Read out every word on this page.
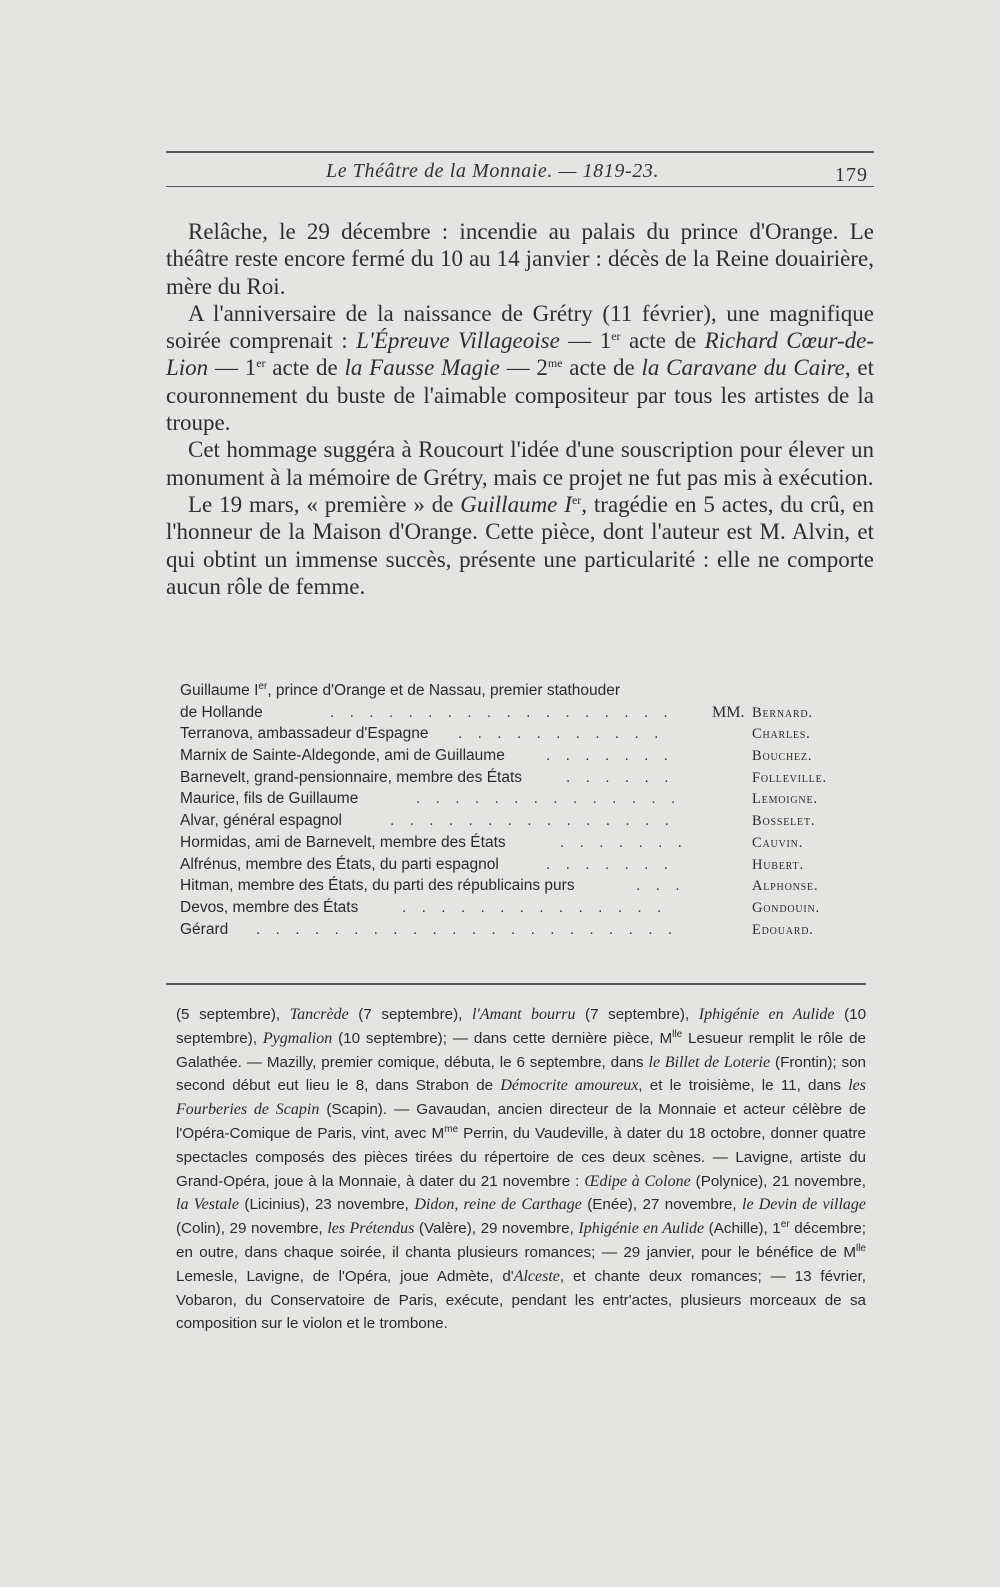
Le Théâtre de la Monnaie. — 1819-23.	179

Relâche, le 29 décembre : incendie au palais du prince d'Orange. Le théâtre reste encore fermé du 10 au 14 janvier : décès de la Reine douairière, mère du Roi.

A l'anniversaire de la naissance de Grétry (11 février), une magnifique soirée comprenait : L'Épreuve Villageoise — 1er acte de Richard Cœur-de-Lion — 1er acte de la Fausse Magie — $2^{me}$ acte de la Caravane du Caire, et couronnement du buste de l'aimable compositeur par tous les artistes de la troupe.

Cet hommage suggéra à Roucourt l'idée d'une souscription pour élever un monument à la mémoire de Grétry, mais ce projet ne fut pas mis à exécution.

Le 19 mars, « première » de Guillaume Ier, tragédie en 5 actes, du crû, en l'honneur de la Maison d'Orange. Cette pièce, dont l'auteur est M. Alvin, et qui obtint un immense succès, présente une particularité : elle ne comporte aucun rôle de femme.

Guillaume Ier, prince d'Orange et de Nassau, premier stathouder
de Hollande	. . . . . . . . . . . . . . . . . . MM. Bernard.
Terranova, ambassadeur d'Espagne . . . . . . . . . . .	Charles.
Marnix de Sainte-Aldegonde, ami de Guillaume	. . . . . . .	Bouchez.
Barnevelt, grand-pensionnaire, membre des États	. . . . . .	Folleville.
Maurice, fils de Guillaume	. . . . . . . . . . . . . .	Lemoigne.
Alvar, général espagnol	. . . . . . . . . . . . . . .	Bosselet.
Hormidas, ami de Barnevelt, membre des États	. . . . . . .	Cauvin.
Alfrénus, membre des États, du parti espagnol	. . . . . . .	Hubert.
Hitman, membre des États, du parti des républicains purs	. . .	Alphonse.
Devos, membre des États	. . . . . . . . . . . . . .	Gondouin.
Gérard . . . . . . . . . . . . . . . . . . . . . .	Edouard.
(5 septembre), Tancrède (7 septembre), l'Amant bourru (7 septembre), Iphigénie en Aulide (10 septembre), Pygmalion (10 septembre); — dans cette dernière pièce, $M^{lle}$ Lesueur remplit le rôle de Galathée. — Mazilly, premier comique, débuta, le 6 septembre, dans le Billet de Loterie (Frontin); son second début eut lieu le 8, dans Strabon de Démocrite amoureux, et le troisième, le 11, dans les Fourberies de Scapin (Scapin). — Gavaudan, ancien directeur de la Monnaie et acteur célèbre de l'Opéra-Comique de Paris, vint, avec $M^{me}$ Perrin, du Vaudeville, à dater du 18 octobre, donner quatre spectacles composés des pièces tirées du répertoire de ces deux scènes. — Lavigne, artiste du Grand-Opéra, joue à la Monnaie, à dater du 21 novembre : Œdipe à Colone (Polynice), 21 novembre, la Vestale (Licinius), 23 novembre, Didon, reine de Carthage (Enée), 27 novembre, le Devin de village (Colin), 29 novembre, les Prétendus (Valère), 29 novembre, Iphigénie en Aulide (Achille), 1er décembre; en outre, dans chaque soirée, il chanta plusieurs romances; — 29 janvier, pour le bénéfice de $M^{lle}$ Lemesle, Lavigne, de l'Opéra, joue Admète, d'Alceste, et chante deux romances; — 13 février, Vobaron, du Conservatoire de Paris, exécute, pendant les entr'actes, plusieurs morceaux de sa composition sur le violon et le trombone.
